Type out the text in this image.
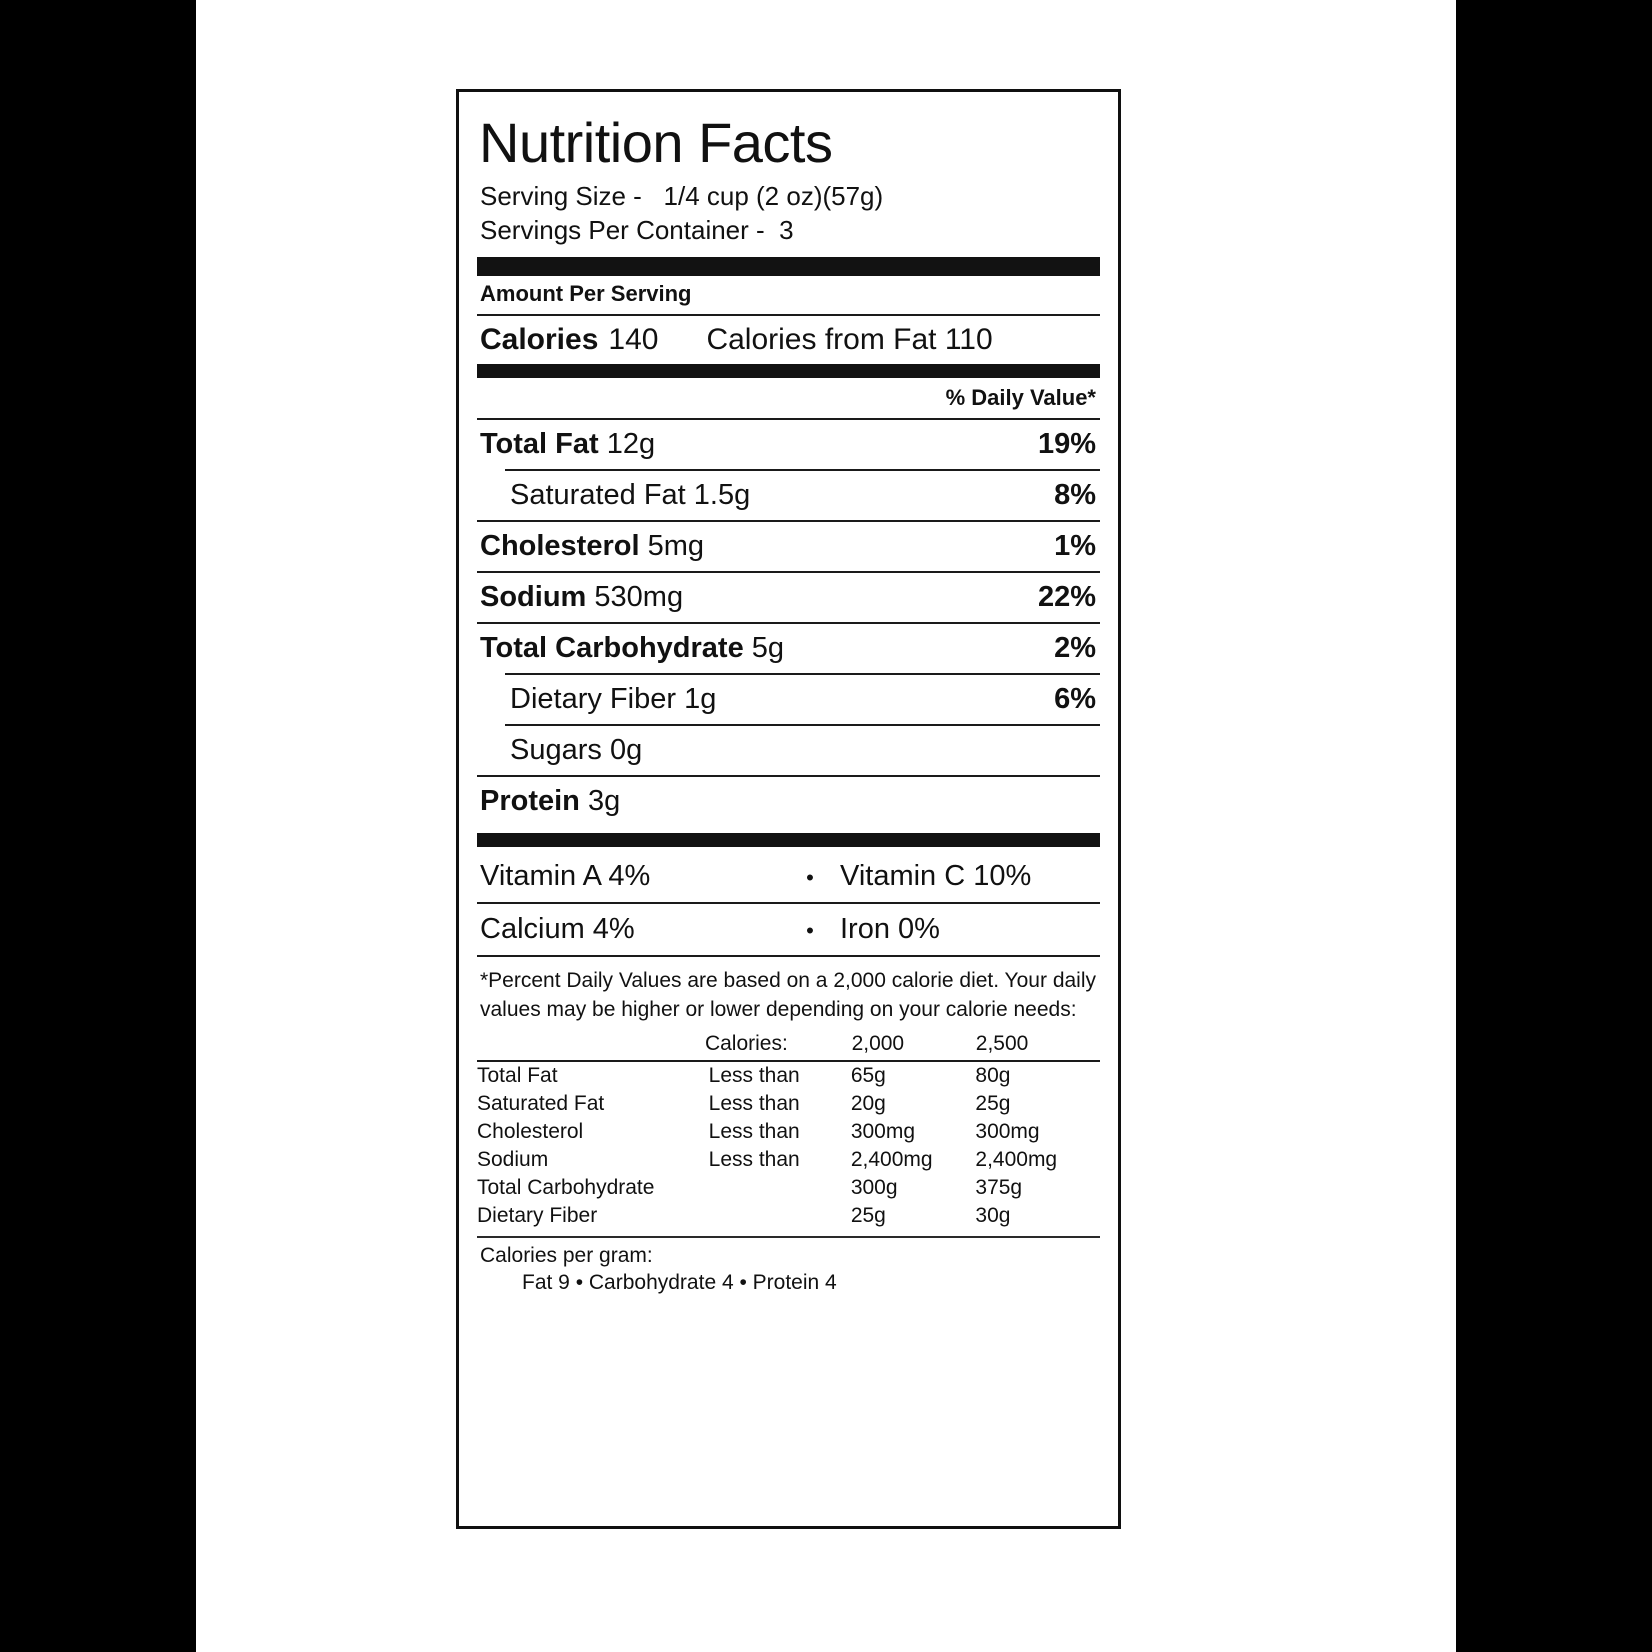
Nutrition Facts
Serving Size -   1/4 cup (2 oz)(57g)
Servings Per Container -  3
Amount Per Serving
Calories 140 Calories from Fat 110
% Daily Value*
Total Fat 12g	19%
Saturated Fat 1.5g	8%
Cholesterol 5mg	1%
Sodium 530mg	22%
Total Carbohydrate 5g	2%
Dietary Fiber 1g	6%
Sugars 0g
Protein 3g
Vitamin A 4%	• Vitamin C 10%
Calcium 4%	• Iron 0%
*Percent Daily Values are based on a 2,000 calorie diet. Your daily values may be higher or lower depending on your calorie needs:
	Calories:	2,000	2,500
Total Fat	Less than	65g	80g
Saturated Fat	Less than	20g	25g
Cholesterol	Less than	300mg	300mg
Sodium	Less than	2,400mg	2,400mg
Total Carbohydrate		300g	375g
Dietary Fiber		25g	30g
Calories per gram:
Fat 9 • Carbohydrate 4 • Protein 4
